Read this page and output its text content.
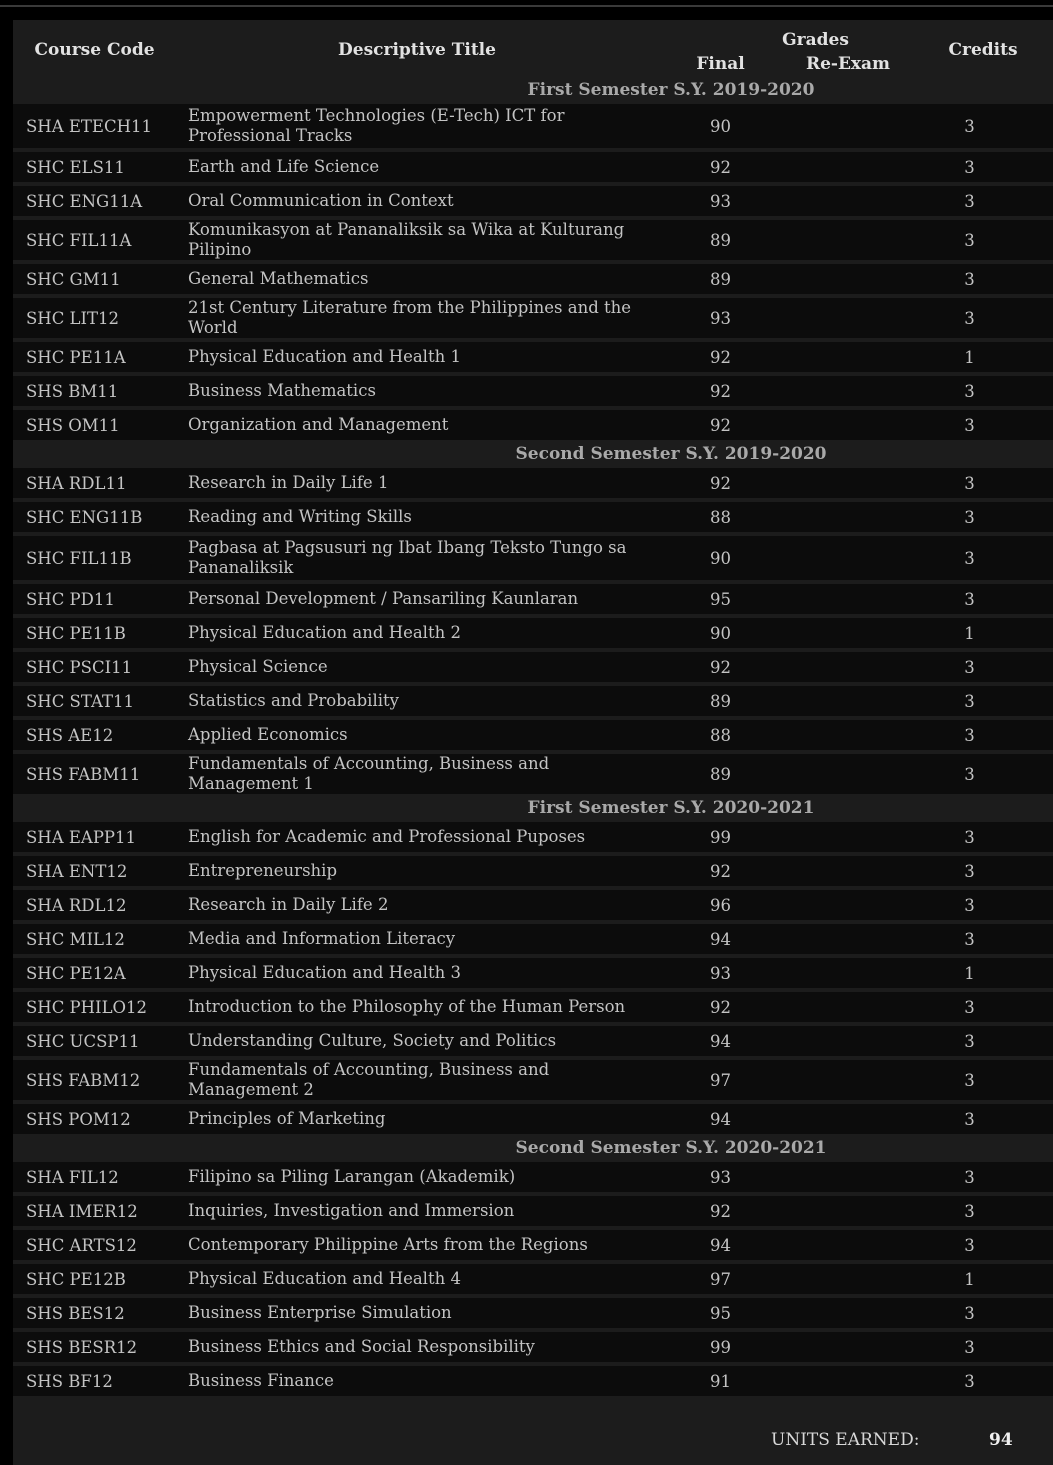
Course Code	Descriptive Title	Grades		Credits
		Final	Re-Exam	
First Semester S.Y. 2019-2020				
SHA ETECH11	Empowerment Technologies (E-Tech) ICT for Professional Tracks	90		3
SHC ELS11	Earth and Life Science	92		3
SHC ENG11A	Oral Communication in Context	93		3
SHC FIL11A	Komunikasyon at Pananaliksik sa Wika at Kulturang Pilipino	89		3
SHC GM11	General Mathematics	89		3
SHC LIT12	21st Century Literature from the Philippines and the World	93		3
SHC PE11A	Physical Education and Health 1	92		1
SHS BM11	Business Mathematics	92		3
SHS OM11	Organization and Management	92		3
Second Semester S.Y. 2019-2020				
SHA RDL11	Research in Daily Life 1	92		3
SHC ENG11B	Reading and Writing Skills	88		3
SHC FIL11B	Pagbasa at Pagsusuri ng Ibat Ibang Teksto Tungo sa Pananaliksik	90		3
SHC PD11	Personal Development / Pansariling Kaunlaran	95		3
SHC PE11B	Physical Education and Health 2	90		1
SHC PSCI11	Physical Science	92		3
SHC STAT11	Statistics and Probability	89		3
SHS AE12	Applied Economics	88		3
SHS FABM11	Fundamentals of Accounting, Business and Management 1	89		3
First Semester S.Y. 2020-2021				
SHA EAPP11	English for Academic and Professional Puposes	99		3
SHA ENT12	Entrepreneurship	92		3
SHA RDL12	Research in Daily Life 2	96		3
SHC MIL12	Media and Information Literacy	94		3
SHC PE12A	Physical Education and Health 3	93		1
SHC PHILO12	Introduction to the Philosophy of the Human Person	92		3
SHC UCSP11	Understanding Culture, Society and Politics	94		3
SHS FABM12	Fundamentals of Accounting, Business and Management 2	97		3
SHS POM12	Principles of Marketing	94		3
Second Semester S.Y. 2020-2021				
SHA FIL12	Filipino sa Piling Larangan (Akademik)	93		3
SHA IMER12	Inquiries, Investigation and Immersion	92		3
SHC ARTS12	Contemporary Philippine Arts from the Regions	94		3
SHC PE12B	Physical Education and Health 4	97		1
SHS BES12	Business Enterprise Simulation	95		3
SHS BESR12	Business Ethics and Social Responsibility	99		3
SHS BF12	Business Finance	91		3
UNITS EARNED:	94
